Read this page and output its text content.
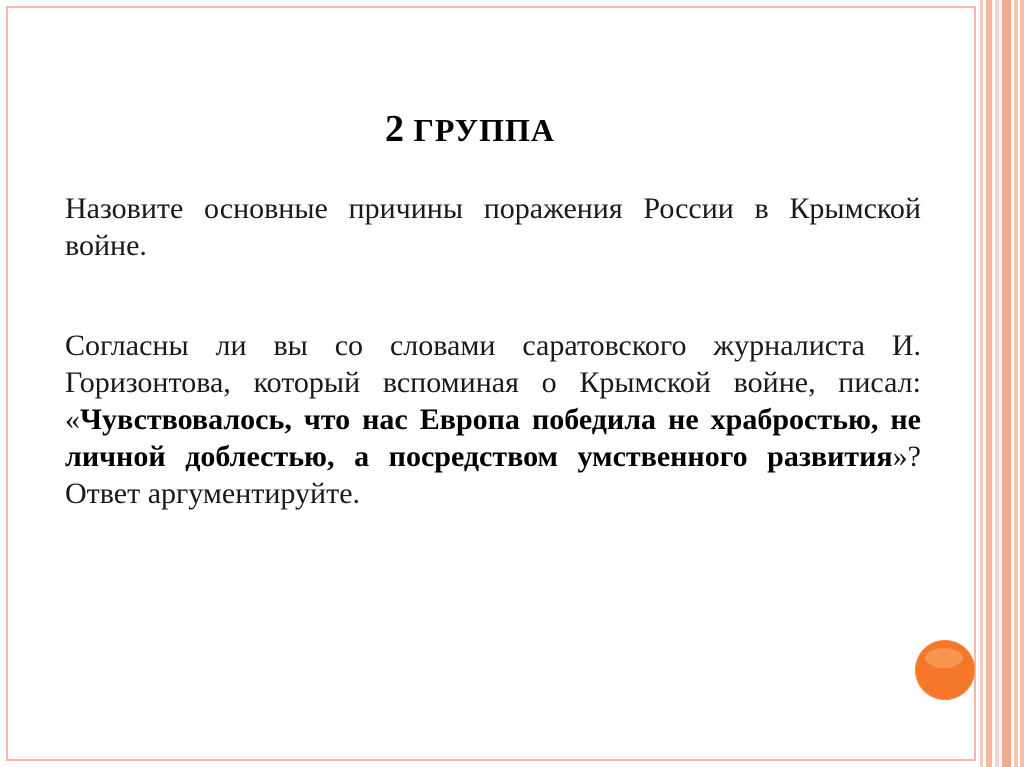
2 ГРУППА

Назовите основные причины поражения России в Крымской войне.

Согласны ли вы со словами саратовского журналиста И. Горизонтова, который вспоминая о Крымской войне, писал: «Чувствовалось, что нас Европа победила не храбростью, не личной доблестью, а посредством умственного развития»? Ответ аргументируйте.
